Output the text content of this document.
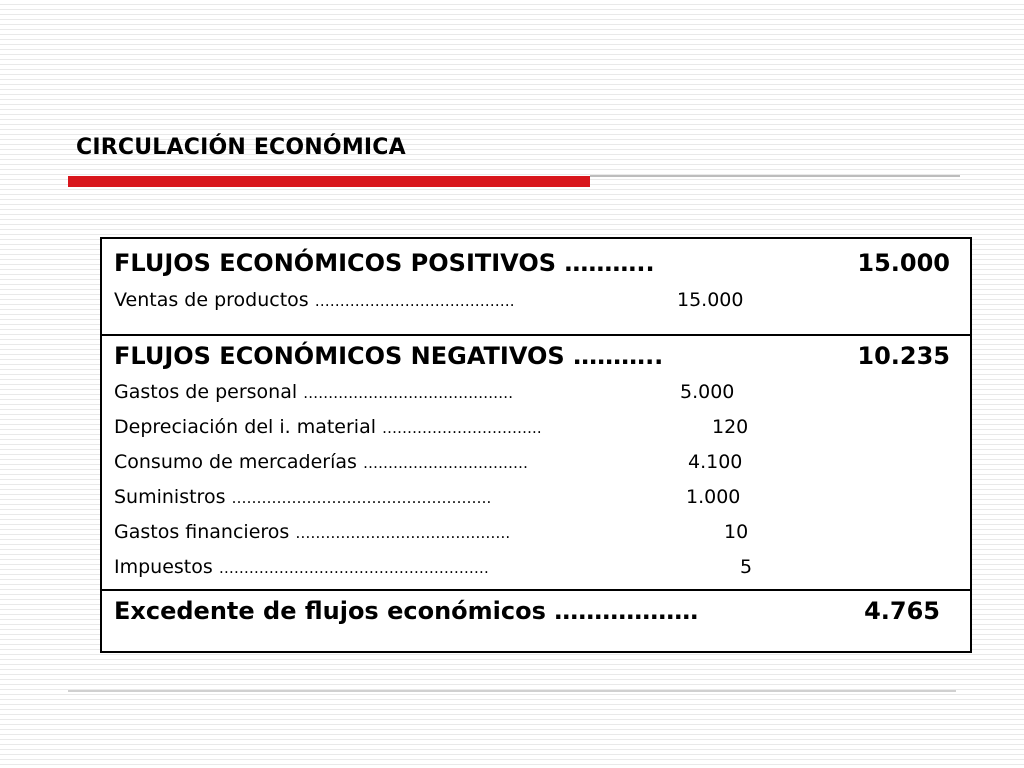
CIRCULACIÓN ECONÓMICA
FLUJOS ECONÓMICOS POSITIVOS ………..	15.000
Ventas de productos ………………………………….	15.000
FLUJOS ECONÓMICOS NEGATIVOS ………..	10.235
Gastos de personal ……………………………………	5.000
Depreciación del i. material …………………………..	120
Consumo de mercaderías ……………………………	4.100
Suministros …………………………………………….	1.000
Gastos financieros …………………………………….	10
Impuestos ………………………………………………	5
Excedente de flujos económicos ………………	4.765
